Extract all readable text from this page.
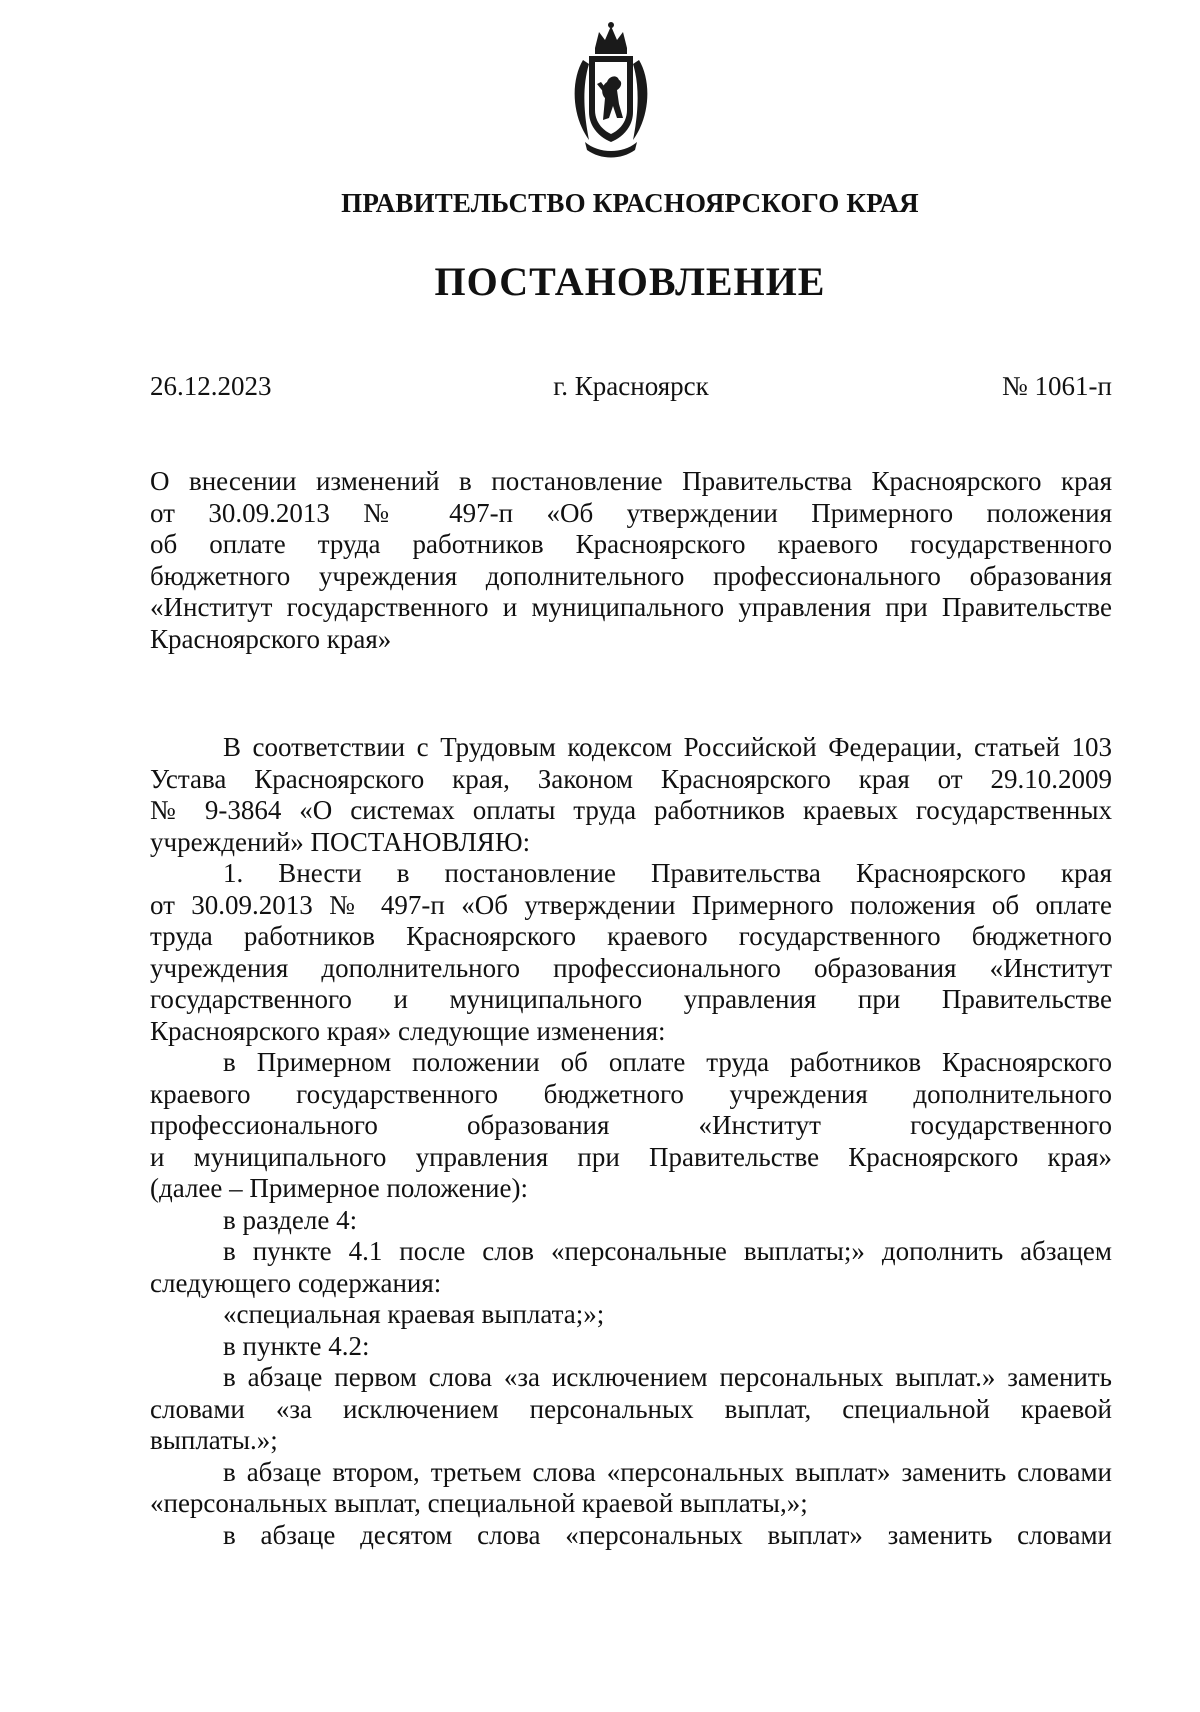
ПРАВИТЕЛЬСТВО КРАСНОЯРСКОГО КРАЯ
ПОСТАНОВЛЕНИЕ
26.12.2023	г. Красноярск	№ 1061-п
О внесении изменений в постановление Правительства Красноярского края
от 30.09.2013 № 497-п «Об утверждении Примерного положения
об оплате труда работников Красноярского краевого государственного
бюджетного учреждения дополнительного профессионального образования
«Институт государственного и муниципального управления при Правительстве
Красноярского края»
В соответствии с Трудовым кодексом Российской Федерации, статьей 103
Устава Красноярского края, Законом Красноярского края от 29.10.2009
№ 9-3864 «О системах оплаты труда работников краевых государственных
учреждений» ПОСТАНОВЛЯЮ:
1. Внести в постановление Правительства Красноярского края
от 30.09.2013 № 497-п «Об утверждении Примерного положения об оплате
труда работников Красноярского краевого государственного бюджетного
учреждения дополнительного профессионального образования «Институт
государственного и муниципального управления при Правительстве
Красноярского края» следующие изменения:
в Примерном положении об оплате труда работников Красноярского
краевого государственного бюджетного учреждения дополнительного
профессионального образования «Институт государственного
и муниципального управления при Правительстве Красноярского края»
(далее – Примерное положение):
в разделе 4:
в пункте 4.1 после слов «персональные выплаты;» дополнить абзацем
следующего содержания:
«специальная краевая выплата;»;
в пункте 4.2:
в абзаце первом слова «за исключением персональных выплат.» заменить
словами «за исключением персональных выплат, специальной краевой
выплаты.»;
в абзаце втором, третьем слова «персональных выплат» заменить словами
«персональных выплат, специальной краевой выплаты,»;
в абзаце десятом слова «персональных выплат» заменить словами
